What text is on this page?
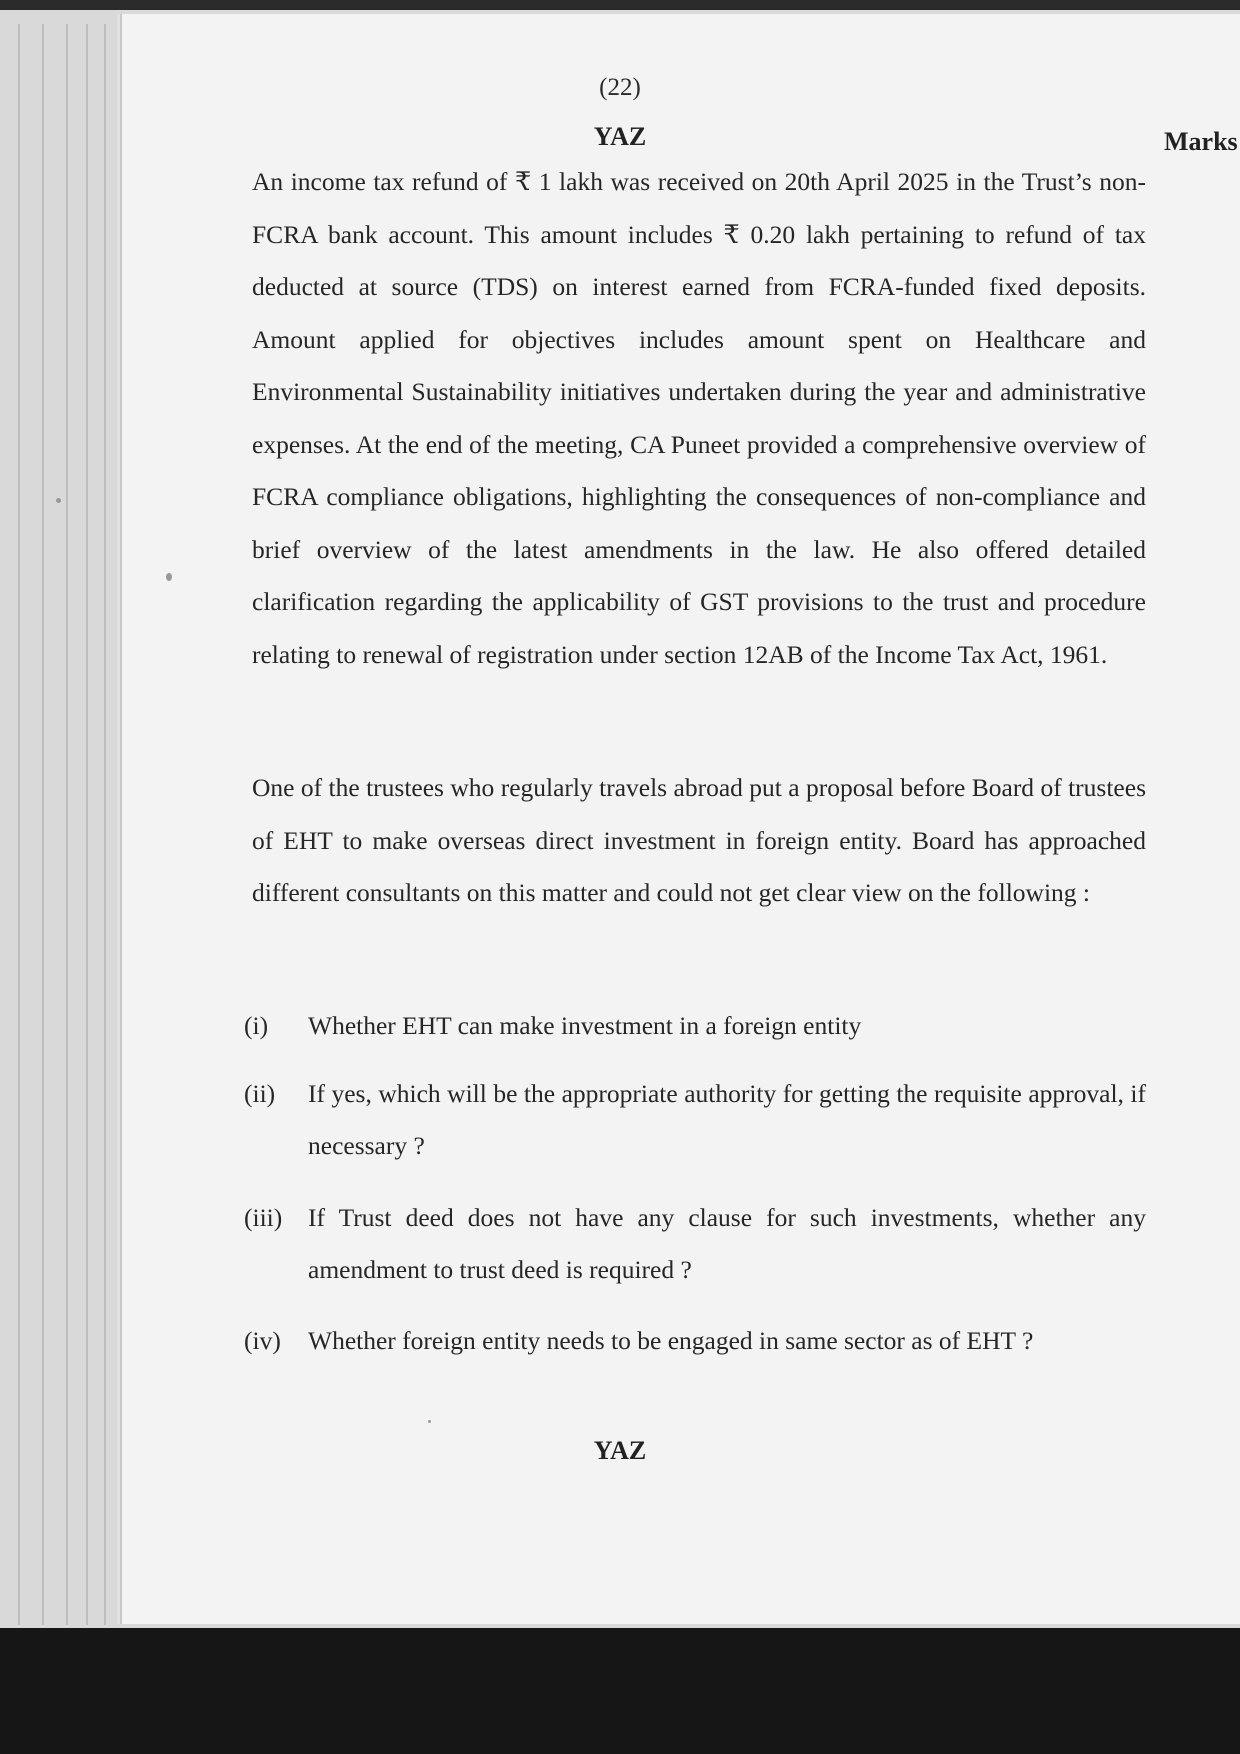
(22)
YAZ	Marks

An income tax refund of ₹ 1 lakh was received on 20th April 2025 in the Trust’s non-FCRA bank account. This amount includes ₹ 0.20 lakh pertaining to refund of tax deducted at source (TDS) on interest earned from FCRA-funded fixed deposits. Amount applied for objectives includes amount spent on Healthcare and Environmental Sustainability initiatives undertaken during the year and administrative expenses. At the end of the meeting, CA Puneet provided a comprehensive overview of FCRA compliance obligations, highlighting the consequences of non-compliance and brief overview of the latest amendments in the law. He also offered detailed clarification regarding the applicability of GST provisions to the trust and procedure relating to renewal of registration under section 12AB of the Income Tax Act, 1961.

One of the trustees who regularly travels abroad put a proposal before Board of trustees of EHT to make overseas direct investment in foreign entity. Board has approached different consultants on this matter and could not get clear view on the following :

(i) Whether EHT can make investment in a foreign entity
(ii) If yes, which will be the appropriate authority for getting the requisite approval, if necessary ?
(iii) If Trust deed does not have any clause for such investments, whether any amendment to trust deed is required ?
(iv) Whether foreign entity needs to be engaged in same sector as of EHT ?
YAZ
